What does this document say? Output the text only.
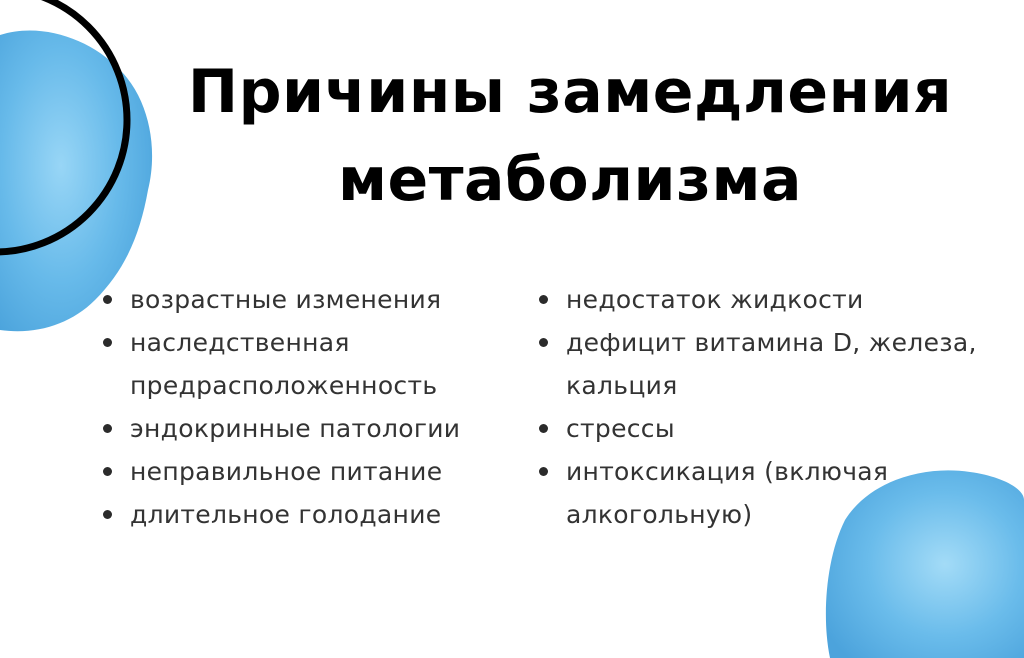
Причины замедления
метаболизма
возрастные изменения
наследственная предрасположенность
эндокринные патологии
неправильное питание
длительное голодание
недостаток жидкости
дефицит витамина D, железа, кальция
стрессы
интоксикация (включая алкогольную)
